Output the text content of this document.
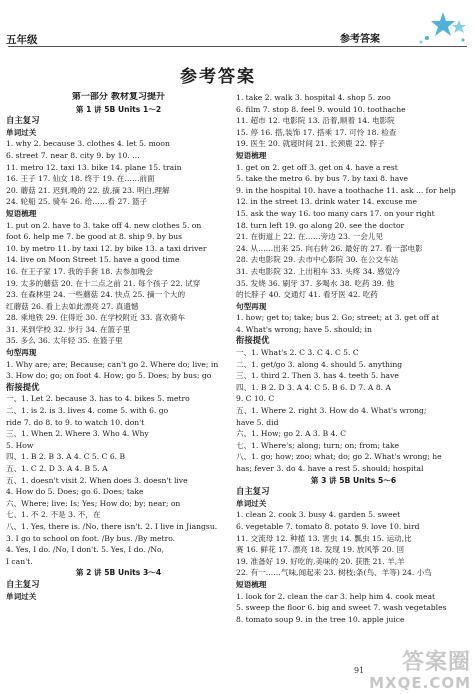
五年级	参考答案
参考答案
第一部分 教材复习提升
第 1 讲 5B Units 1～2
自主复习
单词过关
1. why 2. because 3. clothes 4. let 5. moon
6. street 7. near 8. city 9. by 10. …
11. metro 12. taxi 13. bike 14. plane 15. train
16. 王子 17. 仙女 18. 终于 19. 在……前面
20. 蘑菇 21. 迟到,晚的 22. 拔,摘 23. 明白,理解
24. 轮船 25. 骑车 26. 给……看 27. 篮子
短语梳理
1. put on 2. have to 3. take off 4. new clothes 5. on
foot 6. help me 7. be good at 8. ship 9. by bus
10. by metro 11. by taxi 12. by bike 13. a taxi driver
14. live on Moon Street 15. have a good time
16. 在王子家 17. 我的手套 18. 去参加晚会
19. 太多的蘑菇 20. 在十二点之前 21. 每个孩子 22. 试穿
23. 在森林里 24. 一些蘑菇 24. 快点 25. 摘一个大的
红蘑菇 26. 看上去如此漂亮 27. 真遗憾
28. 乘地铁 29. 住得近 30. 在学校附近 33. 喜欢骑车
31. 来到学校 32. 步行 34. 在篮子里
35. 多么 36. 太年轻 35. 在篮子里
句型再现
1. Why are; are; Because; can't go 2. Where do; live; in
3. How do; go; on foot 4. How; go 5. Does; by bus; go
衔接提优
一、1. Let 2. because 3. has to 4. bikes 5. metro
二、1. is 2. is 3. lives 4. come 5. with 6. go
ride 7. do 8. to 9. to watch 10. don't
三、1. When 2. Where 3. Who 4. Why
5. How
四、1. B 2. B 3. A 4. C 5. C 6. B
五、1. C 2. D 3. A 4. B 5. A
五、1. doesn't visit 2. When does 3. doesn't live
4. How do 5. Does; go 6. Does; take
六、Where; live; Is; Yes; How do; by; near; on
七、1. 不 2. 不是 3. 不，在
八、1. Yes, there is. /No, there isn't. 2. I live in Jiangsu.
3. I go to school on foot. /By bus. /By metro.
4. Yes, I do. /No, I don't. 5. Yes, I do. /No,
I can't.
第 2 讲 5B Units 3～4
自主复习
单词过关
1. take 2. walk 3. hospital 4. shop 5. zoo
6. film 7. stop 8. feel 9. would 10. toothache
11. 超市 12. 电影院 13. 沿着,顺着 14. 电影院
15. 停 16. 搭,装饰 17. 搭乘 17. 可怜 18. 检查
19. 医生 20. 就寝时间 21. 长颈鹿 22. 脖子
短语梳理
1. get on 2. get off 3. get on 4. have a rest
5. take the metro 6. by bus 7. by taxi 8. have
9. in the hospital 10. have a toothache 11. ask ... for help
12. in the street 13. drink water 14. excuse me
15. ask the way 16. too many cars 17. on your right
18. turn left 19. go along 20. see the doctor
21. 在街道上 22. 在……旁边 23. 一会儿见
24. 从……出来 25. 向右转 26. 最好的 27. 看一部电影
28. 去电影院 29. 去市中心影院 30. 在公交车站
31. 去电影院 32. 上出租车 33. 头疼 34. 感觉冷
35. 发烧 36. 刷牙 37. 多喝水 38. 吃药 39. 他
的长脖子 40. 交通灯 41. 看牙医 42. 吃药
句型再现
1. how; get to; take; bus 2. Go; street; at 3. get off at
4. What's wrong; have 5. should; in
衔接提优
一、1. What's 2. C 3. C 4. C 5. C
二、1. get/go 3. along 4. should 5. anything
三、1. third 2. Then 3. has 4. teeth 5. have
四、1. B 2. D 3. A 4. C 5. B 6. D 7. A 8. A
9. C 10. C
五、1. Where 2. right 3. How do 4. What's wrong;
have 5. did
六、1. How; go 2. A 3. B 4. C
七、1. Where's; along; turn; on; from; take
八、1. go; how; zoo; what; do; go 2. What's wrong; he
has; fever 3. do 4. have a rest 5. should; hospital
第 3 讲 5B Units 5～6
自主复习
单词过关
1. clean 2. cook 3. busy 4. garden 5. sweet
6. vegetable 7. tomato 8. potato 9. love 10. bird
11. 交流母 12. 种植 13. 害虫 14. 瓢虫 15. 运动,比
赛 16. 鲜花 17. 漂亮 18. 发现 19. 放风筝 20. 回
19. 准备好 19. 好吃的,美味的 20. 获胜 21. 羊,羊
22. 有一……气味,闻起来 23. 树枝;条(鸟、羊等) 24. 小鸟
短语梳理
1. look for 2. clean the car 3. help him 4. cook meat
5. sweep the floor 6. big and sweet 7. wash vegetables
8. tomato soup 9. in the tree 10. apple juice
91	答案圈
MXQE.COM
